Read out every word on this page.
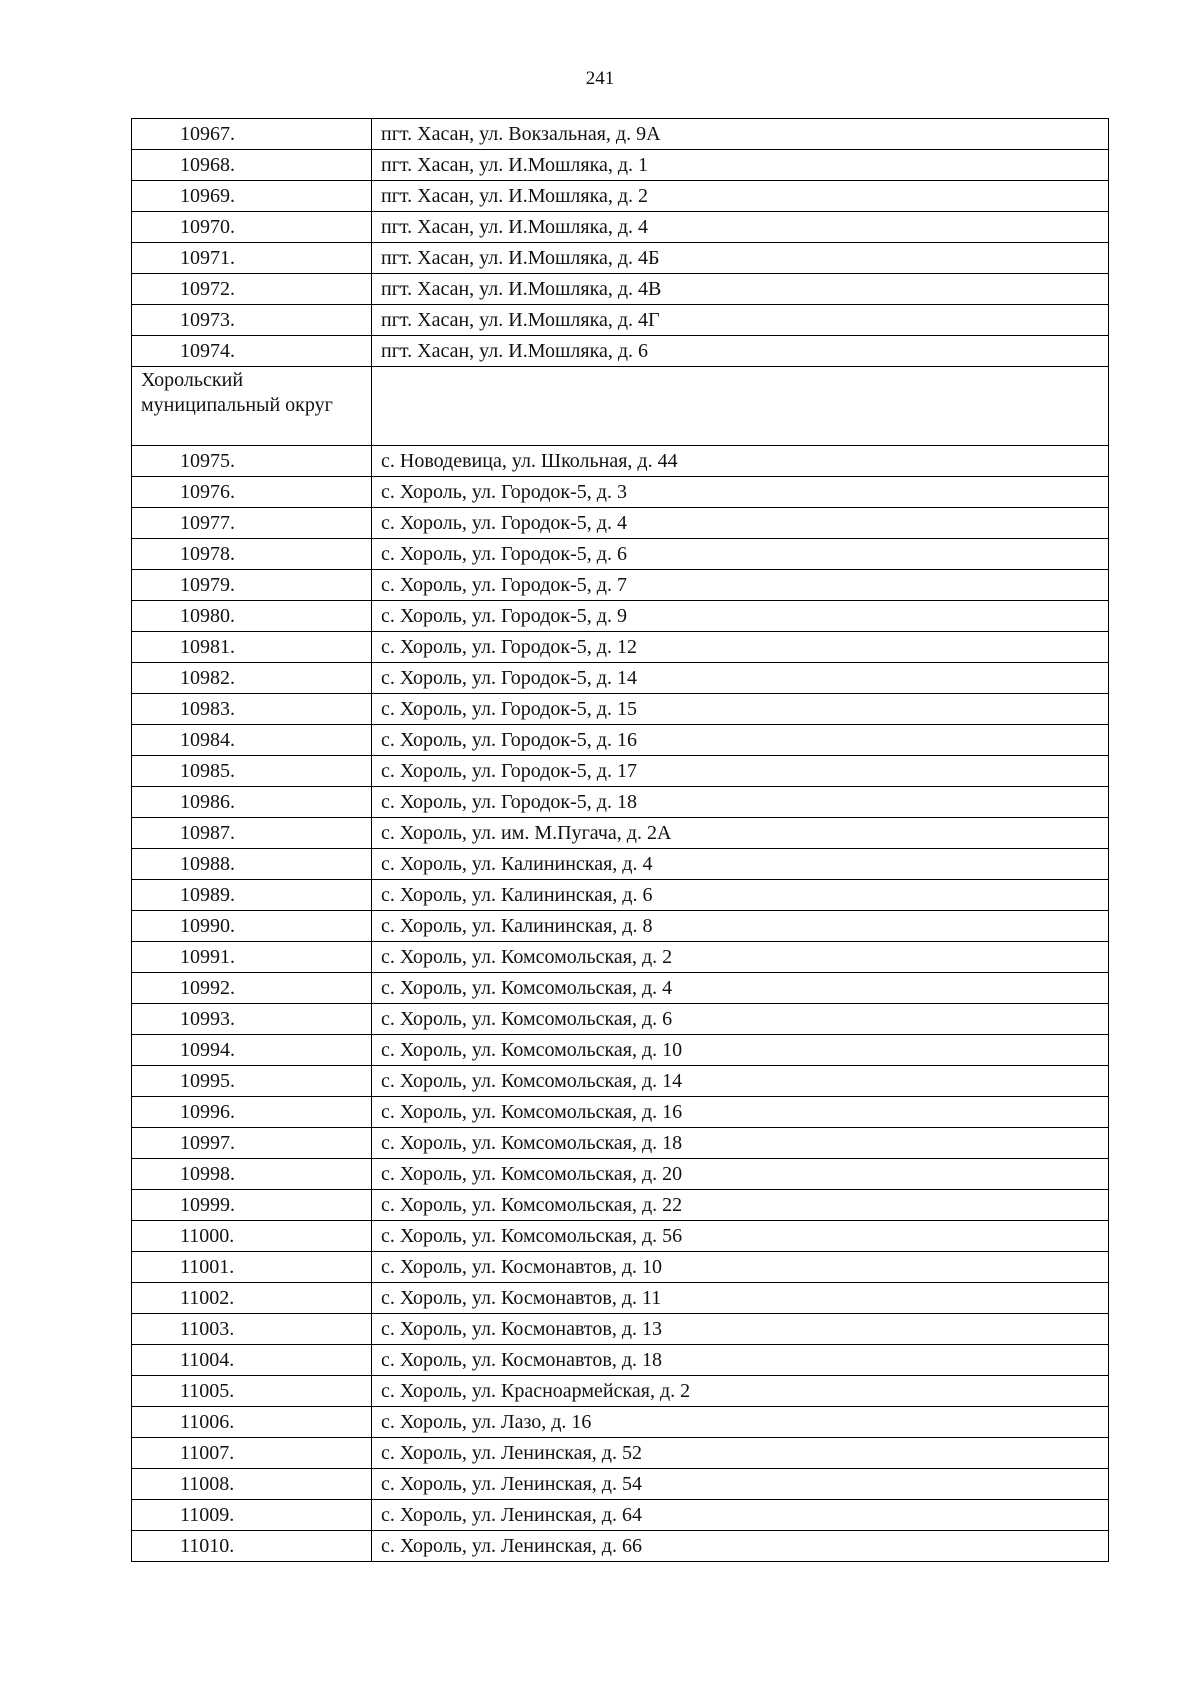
241
10967.	пгт. Хасан, ул. Вокзальная, д. 9А
10968.	пгт. Хасан, ул. И.Мошляка, д. 1
10969.	пгт. Хасан, ул. И.Мошляка, д. 2
10970.	пгт. Хасан, ул. И.Мошляка, д. 4
10971.	пгт. Хасан, ул. И.Мошляка, д. 4Б
10972.	пгт. Хасан, ул. И.Мошляка, д. 4В
10973.	пгт. Хасан, ул. И.Мошляка, д. 4Г
10974.	пгт. Хасан, ул. И.Мошляка, д. 6
Хорольский муниципальный округ	
10975.	с. Новодевица, ул. Школьная, д. 44
10976.	с. Хороль, ул. Городок-5, д. 3
10977.	с. Хороль, ул. Городок-5, д. 4
10978.	с. Хороль, ул. Городок-5, д. 6
10979.	с. Хороль, ул. Городок-5, д. 7
10980.	с. Хороль, ул. Городок-5, д. 9
10981.	с. Хороль, ул. Городок-5, д. 12
10982.	с. Хороль, ул. Городок-5, д. 14
10983.	с. Хороль, ул. Городок-5, д. 15
10984.	с. Хороль, ул. Городок-5, д. 16
10985.	с. Хороль, ул. Городок-5, д. 17
10986.	с. Хороль, ул. Городок-5, д. 18
10987.	с. Хороль, ул. им. М.Пугача, д. 2А
10988.	с. Хороль, ул. Калининская, д. 4
10989.	с. Хороль, ул. Калининская, д. 6
10990.	с. Хороль, ул. Калининская, д. 8
10991.	с. Хороль, ул. Комсомольская, д. 2
10992.	с. Хороль, ул. Комсомольская, д. 4
10993.	с. Хороль, ул. Комсомольская, д. 6
10994.	с. Хороль, ул. Комсомольская, д. 10
10995.	с. Хороль, ул. Комсомольская, д. 14
10996.	с. Хороль, ул. Комсомольская, д. 16
10997.	с. Хороль, ул. Комсомольская, д. 18
10998.	с. Хороль, ул. Комсомольская, д. 20
10999.	с. Хороль, ул. Комсомольская, д. 22
11000.	с. Хороль, ул. Комсомольская, д. 56
11001.	с. Хороль, ул. Космонавтов, д. 10
11002.	с. Хороль, ул. Космонавтов, д. 11
11003.	с. Хороль, ул. Космонавтов, д. 13
11004.	с. Хороль, ул. Космонавтов, д. 18
11005.	с. Хороль, ул. Красноармейская, д. 2
11006.	с. Хороль, ул. Лазо, д. 16
11007.	с. Хороль, ул. Ленинская, д. 52
11008.	с. Хороль, ул. Ленинская, д. 54
11009.	с. Хороль, ул. Ленинская, д. 64
11010.	с. Хороль, ул. Ленинская, д. 66
